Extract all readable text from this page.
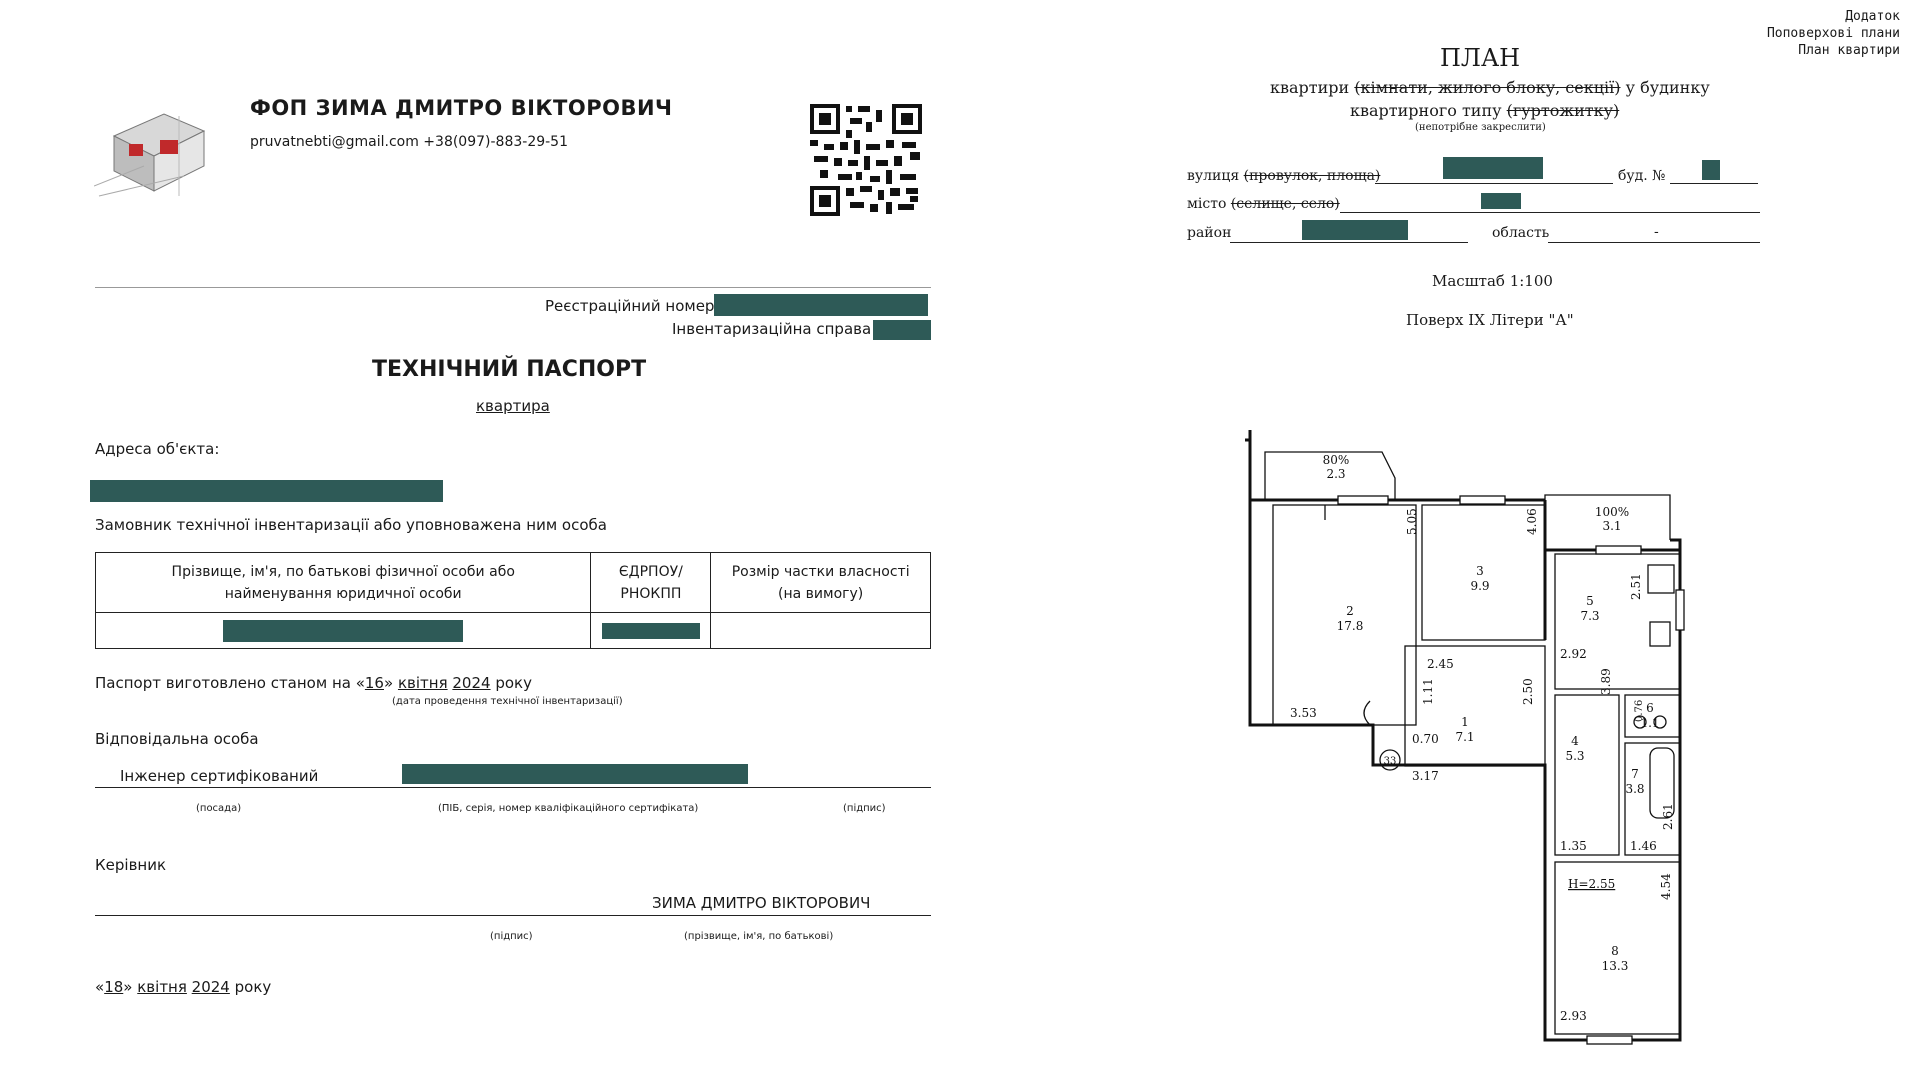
ФОП ЗИМА ДМИТРО ВІКТОРОВИЧ
pruvatnebti@gmail.com +38(097)-883-29-51
Реєстраційний номер
Інвентаризаційна справа
ТЕХНІЧНИЙ ПАСПОРТ
квартира
Адреса об'єкта:
Замовник технічної інвентаризації або уповноважена ним особа
Прізвище, ім'я, по батькові фізичної особи або найменування юридичної особи	ЄДРПОУ/ РНОКПП	Розмір частки власності (на вимогу)

Паспорт виготовлено станом на «16» квітня 2024 року
(дата проведення технічної інвентаризації)
Відповідальна особа
Інженер сертифікований
(посада)	(ПІБ, серія, номер кваліфікаційного сертифіката)	(підпис)
Керівник
ЗИМА ДМИТРО ВІКТОРОВИЧ
(підпис)	(прізвище, ім'я, по батькові)
«18» квітня 2024 року
Додаток
Поповерхові плани
План квартири
ПЛАН
квартири (кімнати, жилого блоку, секції) у будинку
квартирного типу (гуртожитку)
(непотрібне закреслити)
вулиця (провулок, площа)	буд. №
місто (селище, село)
район	область	-
Масштаб 1:100
Поверх IX Літери "А"
33
2
17.8
3
9.9
5
7.3
1
7.1	4
5.3
6
1.1
7
3.8
8
13.3
80%
2.3
100%
3.1
5.05	4.06
2.51
2.45
2.92
3.53
1.11	2.50	3.89
0.76
0.70
3.17
2.61
1.35	1.46
4.54
2.93
H=2.55
